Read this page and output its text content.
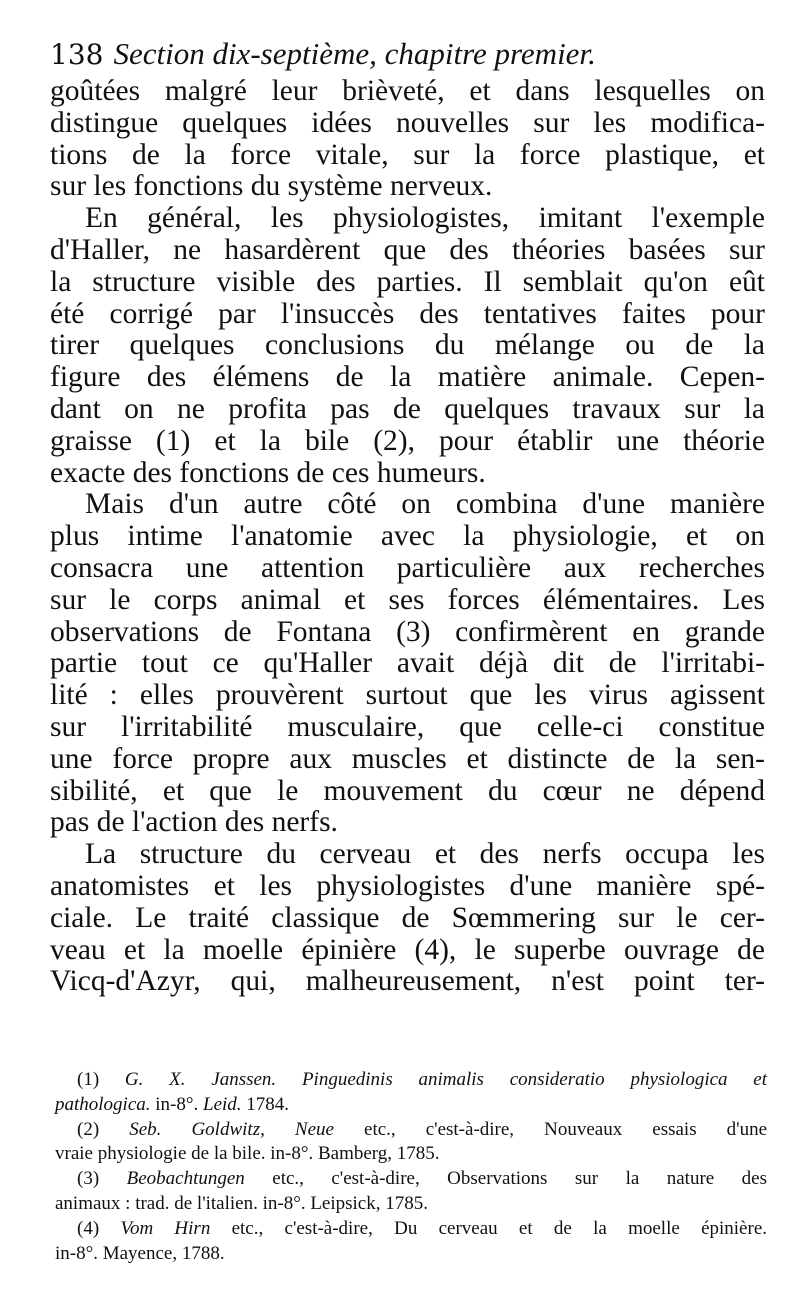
138 Section dix-septième, chapitre premier.
goûtées malgré leur brièveté, et dans lesquelles on
distingue quelques idées nouvelles sur les modifica-
tions de la force vitale, sur la force plastique, et
sur les fonctions du système nerveux.
En général, les physiologistes, imitant l'exemple
d'Haller, ne hasardèrent que des théories basées sur
la structure visible des parties. Il semblait qu'on eût
été corrigé par l'insuccès des tentatives faites pour
tirer quelques conclusions du mélange ou de la
figure des élémens de la matière animale. Cepen-
dant on ne profita pas de quelques travaux sur la
graisse (1) et la bile (2), pour établir une théorie
exacte des fonctions de ces humeurs.
Mais d'un autre côté on combina d'une manière
plus intime l'anatomie avec la physiologie, et on
consacra une attention particulière aux recherches
sur le corps animal et ses forces élémentaires. Les
observations de Fontana (3) confirmèrent en grande
partie tout ce qu'Haller avait déjà dit de l'irritabi-
lité : elles prouvèrent surtout que les virus agissent
sur l'irritabilité musculaire, que celle-ci constitue
une force propre aux muscles et distincte de la sen-
sibilité, et que le mouvement du cœur ne dépend
pas de l'action des nerfs.
La structure du cerveau et des nerfs occupa les
anatomistes et les physiologistes d'une manière spé-
ciale. Le traité classique de Sœmmering sur le cer-
veau et la moelle épinière (4), le superbe ouvrage de
Vicq-d'Azyr, qui, malheureusement, n'est point ter-
(1) G. X. Janssen. Pinguedinis animalis consideratio physiologica et
pathologica. in-8°. Leid. 1784.
(2) Seb. Goldwitz, Neue etc., c'est-à-dire, Nouveaux essais d'une
vraie physiologie de la bile. in-8°. Bamberg, 1785.
(3) Beobachtungen etc., c'est-à-dire, Observations sur la nature des
animaux : trad. de l'italien. in-8°. Leipsick, 1785.
(4) Vom Hirn etc., c'est-à-dire, Du cerveau et de la moelle épinière.
in-8°. Mayence, 1788.
